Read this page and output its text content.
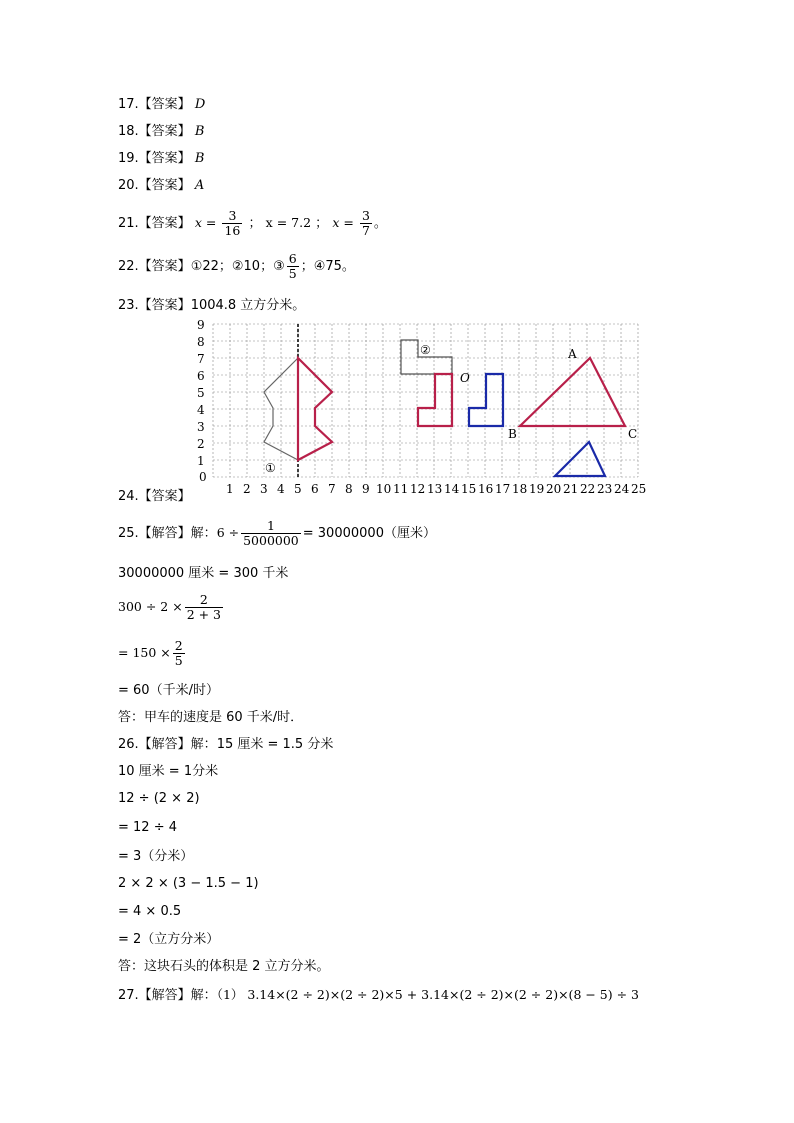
17.【答案】 D
18.【答案】 B
19.【答案】 B
20.【答案】 A
21.【答案】 $x = \frac{3}{16}$ ； x = 7.2 ； $x = \frac{3}{7}$ 。
22.【答案】①22；②10；③ $\frac{6}{5}$ ；④75。
23.【答案】1004.8 立方分米。
1
2
3
4
5
6
7
8
9
0
1 2 3 4 5 6 7 8 9 10 11 12 13 14 15 16 17 18 19 20 21 22 23 24 25
①
②
O
A
B	C
24.【答案】
25.【解答】解：$6 \div \frac{1}{5000000} = 30000000$（厘米）
30000000 厘米 = 300 千米
$300 \div 2 \times \frac{2}{2 + 3}$
= $150 \times \frac{2}{5}$
= 60（千米/时）
答：甲车的速度是 60 千米/时．
26.【解答】解：15 厘米 = 1.5 分米
10 厘米 = 1分米
12 ÷ (2 × 2)
= 12 ÷ 4
= 3（分米）
2 × 2 × (3 − 1.5 − 1)
= 4 × 0.5
= 2（立方分米）
答：这块石头的体积是 2 立方分米。
27.【解答】解：（1） 3.14×(2 ÷ 2)×(2 ÷ 2)×5 + 3.14×(2 ÷ 2)×(2 ÷ 2)×(8 − 5) ÷ 3
